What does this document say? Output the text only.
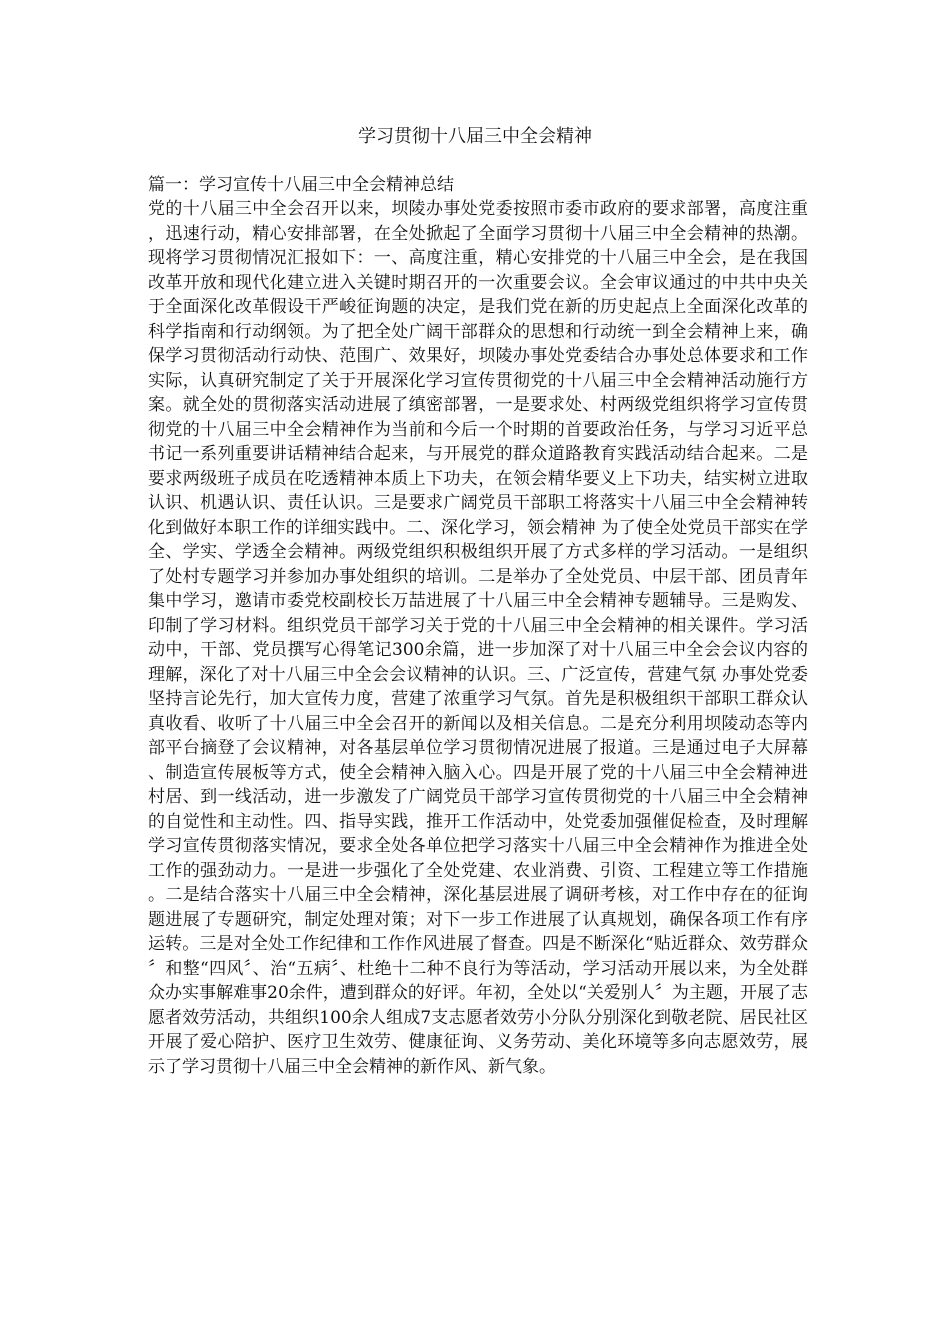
学习贯彻十八届三中全会精神
篇一：学习宣传十八届三中全会精神总结

党的十八届三中全会召开以来，坝陵办事处党委按照市委市政府的要求部署，高度注重，迅速行动，精心安排部署，在全处掀起了全面学习贯彻十八届三中全会精神的热潮。现将学习贯彻情况汇报如下：一、高度注重，精心安排党的十八届三中全会，是在我国改革开放和现代化建立进入关键时期召开的一次重要会议。全会审议通过的中共中央关于全面深化改革假设干严峻征询题的决定，是我们党在新的历史起点上全面深化改革的科学指南和行动纲领。为了把全处广阔干部群众的思想和行动统一到全会精神上来，确保学习贯彻活动行动快、范围广、效果好，坝陵办事处党委结合办事处总体要求和工作实际，认真研究制定了关于开展深化学习宣传贯彻党的十八届三中全会精神活动施行方案。就全处的贯彻落实活动进展了缜密部署，一是要求处、村两级党组织将学习宣传贯彻党的十八届三中全会精神作为当前和今后一个时期的首要政治任务，与学习习近平总书记一系列重要讲话精神结合起来，与开展党的群众道路教育实践活动结合起来。二是要求两级班子成员在吃透精神本质上下功夫，在领会精华要义上下功夫，结实树立进取认识、机遇认识、责任认识。三是要求广阔党员干部职工将落实十八届三中全会精神转化到做好本职工作的详细实践中。二、深化学习，领会精神 为了使全处党员干部实在学全、学实、学透全会精神。两级党组织积极组织开展了方式多样的学习活动。一是组织了处村专题学习并参加办事处组织的培训。二是举办了全处党员、中层干部、团员青年集中学习，邀请市委党校副校长万喆进展了十八届三中全会精神专题辅导。三是购发、印制了学习材料。组织党员干部学习关于党的十八届三中全会精神的相关课件。学习活动中，干部、党员撰写心得笔记300余篇，进一步加深了对十八届三中全会会议内容的理解，深化了对十八届三中全会会议精神的认识。三、广泛宣传，营建气氛 办事处党委坚持言论先行，加大宣传力度，营建了浓重学习气氛。首先是积极组织干部职工群众认真收看、收听了十八届三中全会召开的新闻以及相关信息。二是充分利用坝陵动态等内部平台摘登了会议精神，对各基层单位学习贯彻情况进展了报道。三是通过电子大屏幕、制造宣传展板等方式，使全会精神入脑入心。四是开展了党的十八届三中全会精神进村居、到一线活动，进一步激发了广阔党员干部学习宣传贯彻党的十八届三中全会精神的自觉性和主动性。四、指导实践，推开工作活动中，处党委加强催促检查，及时理解学习宣传贯彻落实情况，要求全处各单位把学习落实十八届三中全会精神作为推进全处工作的强劲动力。一是进一步强化了全处党建、农业消费、引资、工程建立等工作措施。二是结合落实十八届三中全会精神，深化基层进展了调研考核，对工作中存在的征询题进展了专题研究，制定处理对策；对下一步工作进展了认真规划，确保各项工作有序运转。三是对全处工作纪律和工作作风进展了督查。四是不断深化“贴近群众、效劳群众〞和整“四风〞、治“五病〞、杜绝十二种不良行为等活动，学习活动开展以来，为全处群众办实事解难事20余件，遭到群众的好评。年初，全处以“关爱别人〞为主题，开展了志愿者效劳活动，共组织100余人组成7支志愿者效劳小分队分别深化到敬老院、居民社区开展了爱心陪护、医疗卫生效劳、健康征询、义务劳动、美化环境等多向志愿效劳，展示了学习贯彻十八届三中全会精神的新作风、新气象。
